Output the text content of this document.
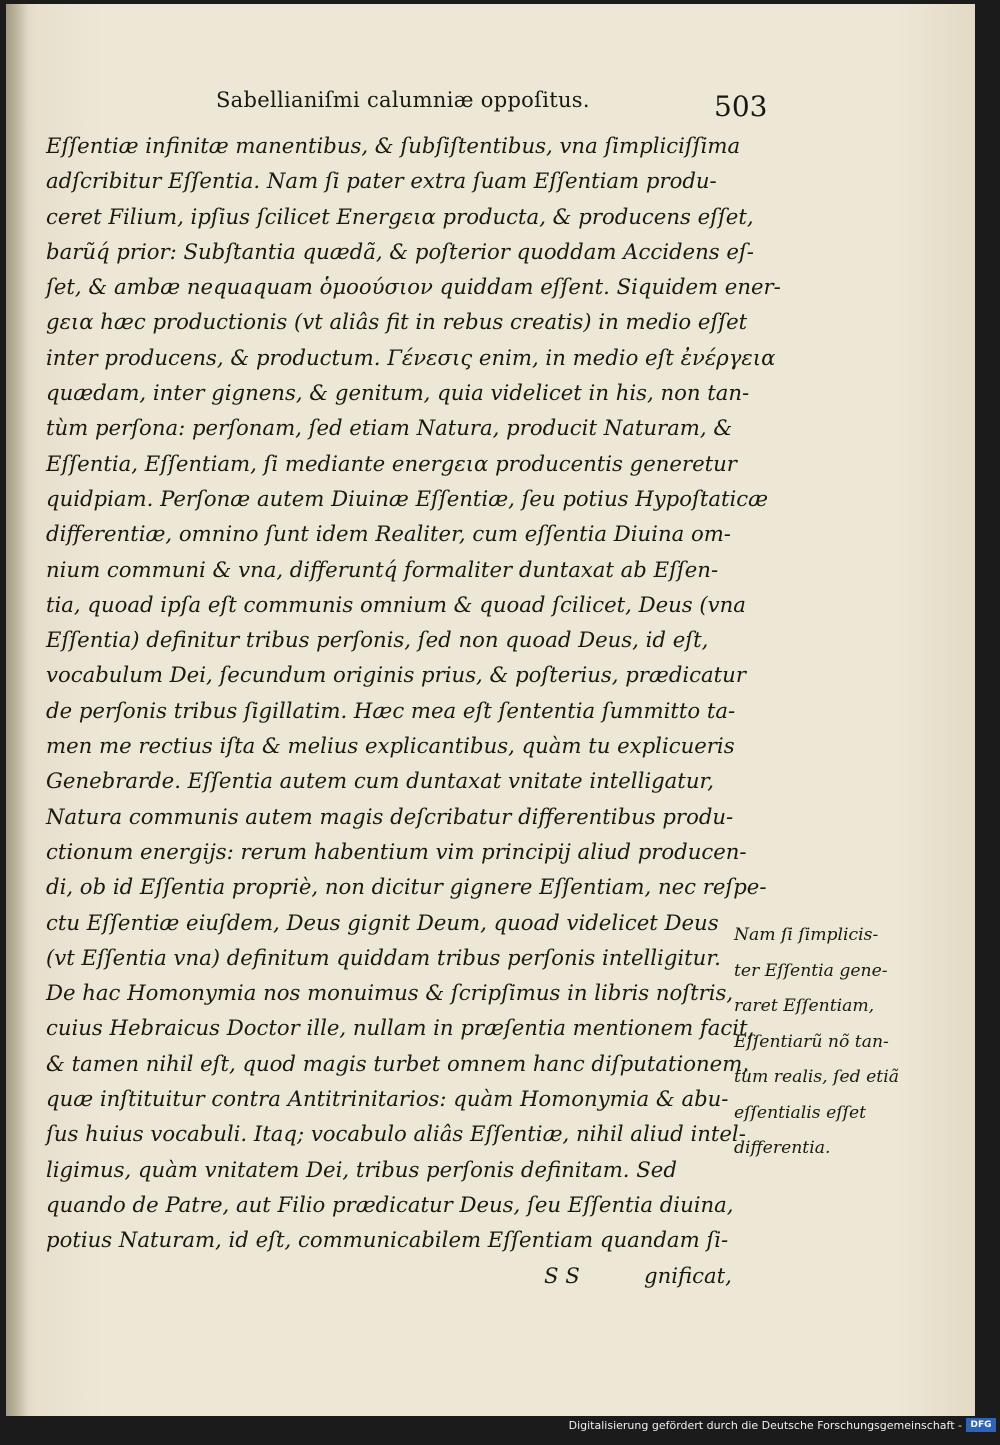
Sabellianiſmi calumniæ oppoſitus.	503
Eſſentiæ infinitæ manentibus, & ſubſiſtentibus, vna ſimpliciſſima
adſcribitur Eſſentia. Nam ſi pater extra ſuam Eſſentiam produ-
ceret Filium, ipſius ſcilicet Energεια producta, & producens eſſet,
barũq́ prior: Subſtantia quædã, & poſterior quoddam Accidens eſ-
ſet, & ambæ nequaquam ὁμοούσιον quiddam eſſent. Siquidem ener-
gεια hæc productionis (vt aliâs fit in rebus creatis) in medio eſſet
inter producens, & productum. Γένεσις enim, in medio eſt ἐνέργεια
quædam, inter gignens, & genitum, quia videlicet in his, non tan-
tùm perſona: perſonam, ſed etiam Natura, producit Naturam, &
Eſſentia, Eſſentiam, ſi mediante energεια producentis generetur
quidpiam. Perſonæ autem Diuinæ Eſſentiæ, ſeu potius Hypoſtaticæ
differentiæ, omnino ſunt idem Realiter, cum eſſentia Diuina om-
nium communi & vna, differuntq́ formaliter duntaxat ab Eſſen-
tia, quoad ipſa eſt communis omnium & quoad ſcilicet, Deus (vna
Eſſentia) definitur tribus perſonis, ſed non quoad Deus, id eſt,
vocabulum Dei, ſecundum originis prius, & poſterius, prædicatur
de perſonis tribus ſigillatim. Hæc mea eſt ſententia ſummitto ta-
men me rectius iſta & melius explicantibus, quàm tu explicueris
Genebrarde. Eſſentia autem cum duntaxat vnitate intelligatur,
Natura communis autem magis deſcribatur differentibus produ-
ctionum energijs: rerum habentium vim principij aliud producen-
di, ob id Eſſentia propriè, non dicitur gignere Eſſentiam, nec reſpe-
ctu Eſſentiæ eiuſdem, Deus gignit Deum, quoad videlicet Deus
(vt Eſſentia vna) definitum quiddam tribus perſonis intelligitur.
De hac Homonymia nos monuimus & ſcripſimus in libris noſtris,
cuius Hebraicus Doctor ille, nullam in præſentia mentionem facit,
& tamen nihil eſt, quod magis turbet omnem hanc diſputationem,
quæ inſtituitur contra Antitrinitarios: quàm Homonymia & abu-
ſus huius vocabuli. Itaq; vocabulo aliâs Eſſentiæ, nihil aliud intel-
ligimus, quàm vnitatem Dei, tribus perſonis definitam. Sed
quando de Patre, aut Filio prædicatur Deus, ſeu Eſſentia diuina,
potius Naturam, id eſt, communicabilem Eſſentiam quandam ſi-
S S	gnificat,

Nam ſi ſimplicis-
ter Eſſentia gene-
raret Eſſentiam,
Eſſentiarũ nõ tan-
tùm realis, ſed etiã
eſſentialis eſſet
differentia.
Digitalisierung gefördert durch die Deutsche Forschungsgemeinschaft - DFG
